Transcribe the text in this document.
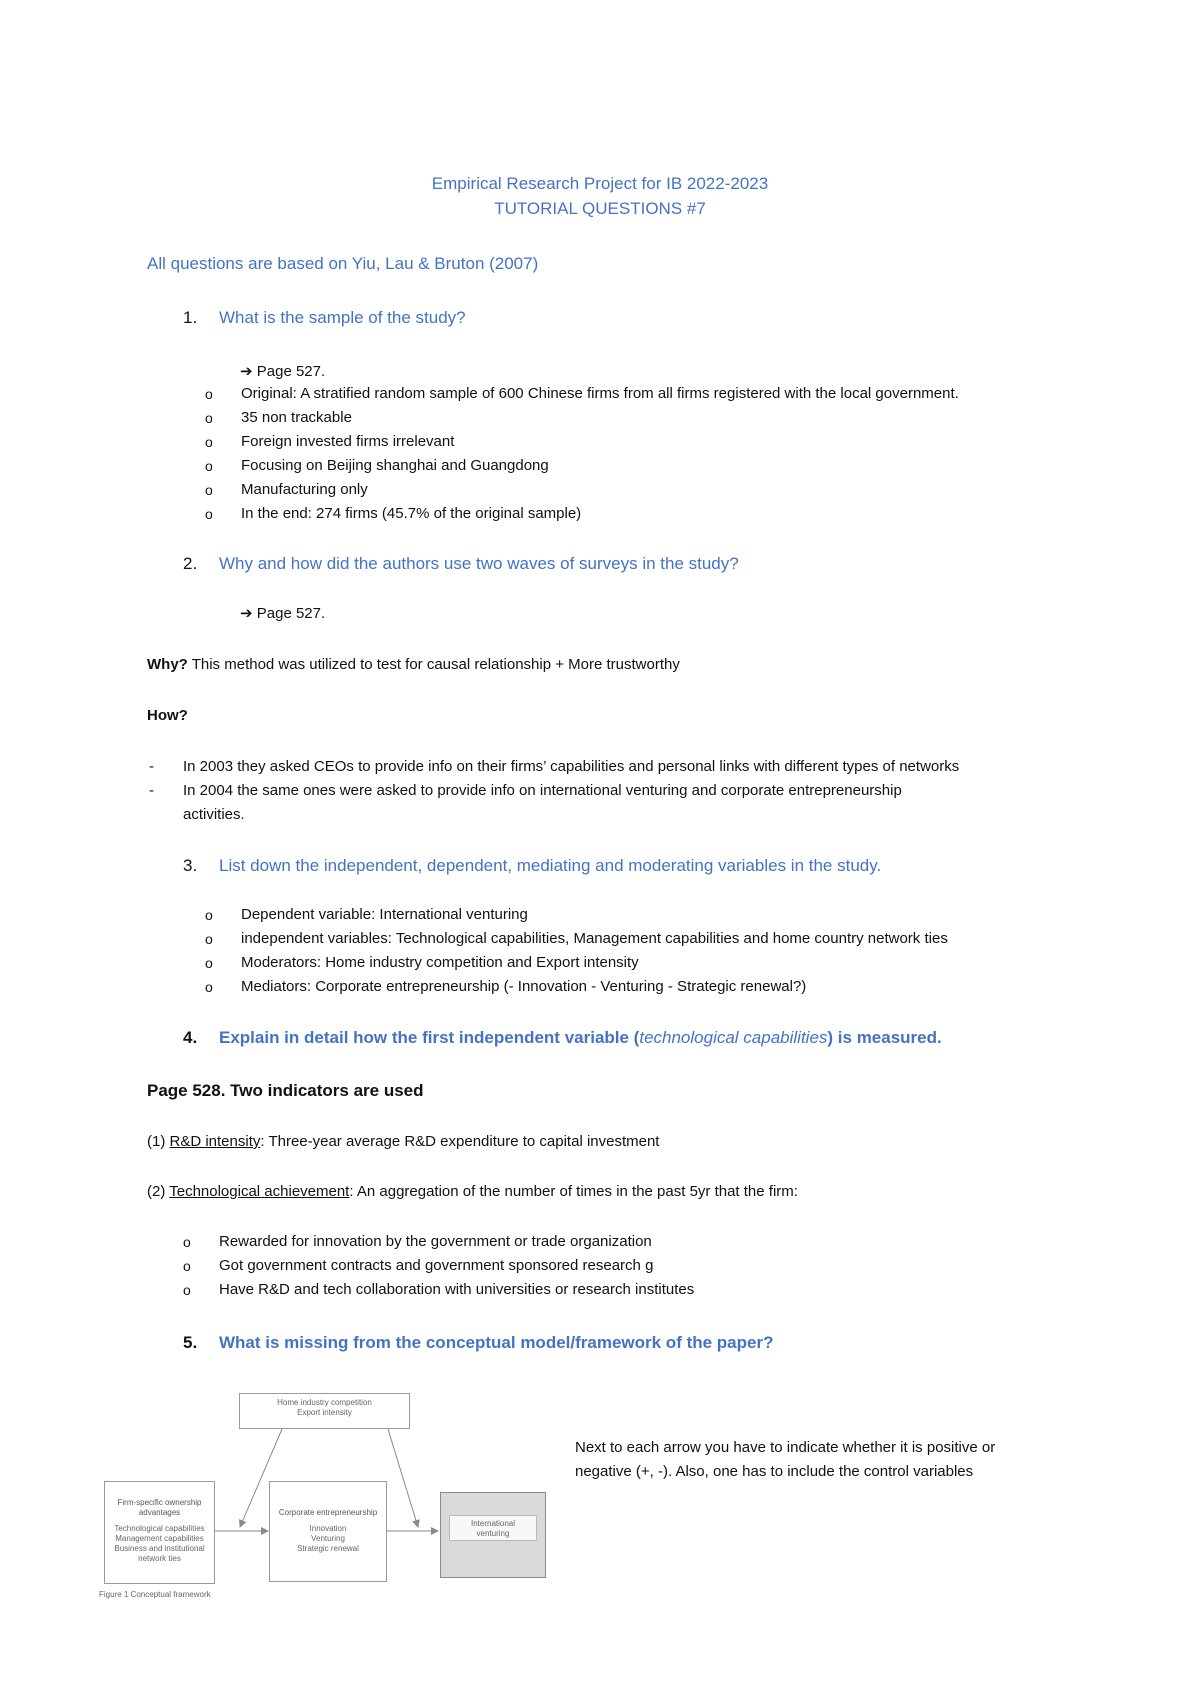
Empirical Research Project for IB 2022-2023
TUTORIAL QUESTIONS #7
All questions are based on Yiu, Lau & Bruton (2007)
1. What is the sample of the study?
➔ Page 527.
o Original: A stratified random sample of 600 Chinese firms from all firms registered with the local government.
o 35 non trackable
o Foreign invested firms irrelevant
o Focusing on Beijing shanghai and Guangdong
o Manufacturing only
o In the end: 274 firms (45.7% of the original sample)
2. Why and how did the authors use two waves of surveys in the study?
➔ Page 527.
Why? This method was utilized to test for causal relationship + More trustworthy
How?
- In 2003 they asked CEOs to provide info on their firms’ capabilities and personal links with different types of networks
- In 2004 the same ones were asked to provide info on international venturing and corporate entrepreneurship
activities.
3. List down the independent, dependent, mediating and moderating variables in the study.
o Dependent variable: International venturing
o independent variables: Technological capabilities, Management capabilities and home country network ties
o Moderators: Home industry competition and Export intensity
o Mediators: Corporate entrepreneurship (- Innovation - Venturing - Strategic renewal?)
4. Explain in detail how the first independent variable (technological capabilities) is measured.
Page 528. Two indicators are used
(1) R&D intensity: Three-year average R&D expenditure to capital investment
(2) Technological achievement: An aggregation of the number of times in the past 5yr that the firm:
o Rewarded for innovation by the government or trade organization
o Got government contracts and government sponsored research g
o Have R&D and tech collaboration with universities or research institutes
5. What is missing from the conceptual model/framework of the paper?
Next to each arrow you have to indicate whether it is positive or
negative (+, -). Also, one has to include the control variables
Home industry competition
Export intensity
Firm-specific ownership
advantages
Technological capabilities
Management capabilities
Business and institutional
network ties
Corporate entrepreneurship
Innovation
Venturing
Strategic renewal
International
venturing
Figure 1 Conceptual framework
